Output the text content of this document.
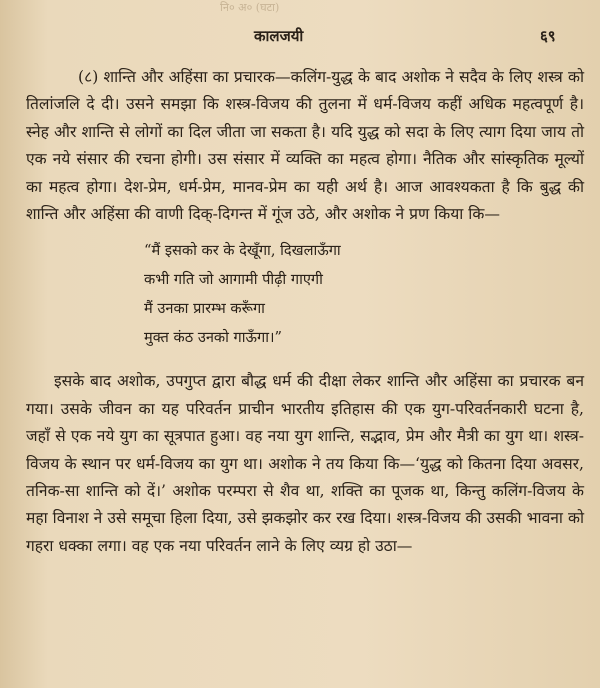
नि० अ० (घटा)
कालजयी	६९

(८) शान्ति और अहिंसा का प्रचारक—कलिंग-युद्ध के बाद अशोक ने सदैव के लिए शस्त्र को तिलांजलि दे दी। उसने समझा कि शस्त्र-विजय की तुलना में धर्म-विजय कहीं अधिक महत्वपूर्ण है। स्नेह और शान्ति से लोगों का दिल जीता जा सकता है। यदि युद्ध को सदा के लिए त्याग दिया जाय तो एक नये संसार की रचना होगी। उस संसार में व्यक्ति का महत्व होगा। नैतिक और सांस्कृतिक मूल्यों का महत्व होगा। देश-प्रेम, धर्म-प्रेम, मानव-प्रेम का यही अर्थ है। आज आवश्यकता है कि बुद्ध की शान्ति और अहिंसा की वाणी दिक्-दिगन्त में गूंज उठे, और अशोक ने प्रण किया कि—

“मैं इसको कर के देखूँगा, दिखलाऊँगा
कभी गति जो आगामी पीढ़ी गाएगी
मैं उनका प्रारम्भ करूँगा
मुक्त कंठ उनको गाऊँगा।”

इसके बाद अशोक, उपगुप्त द्वारा बौद्ध धर्म की दीक्षा लेकर शान्ति और अहिंसा का प्रचारक बन गया। उसके जीवन का यह परिवर्तन प्राचीन भारतीय इतिहास की एक युग-परिवर्तनकारी घटना है, जहाँ से एक नये युग का सूत्रपात हुआ। वह नया युग शान्ति, सद्भाव, प्रेम और मैत्री का युग था। शस्त्र-विजय के स्थान पर धर्म-विजय का युग था। अशोक ने तय किया कि—‘युद्ध को कितना दिया अवसर, तनिक-सा शान्ति को दें।’ अशोक परम्परा से शैव था, शक्ति का पूजक था, किन्तु कलिंग-विजय के महा विनाश ने उसे समूचा हिला दिया, उसे झकझोर कर रख दिया। शस्त्र-विजय की उसकी भावना को गहरा धक्का लगा। वह एक नया परिवर्तन लाने के लिए व्यग्र हो उठा—
